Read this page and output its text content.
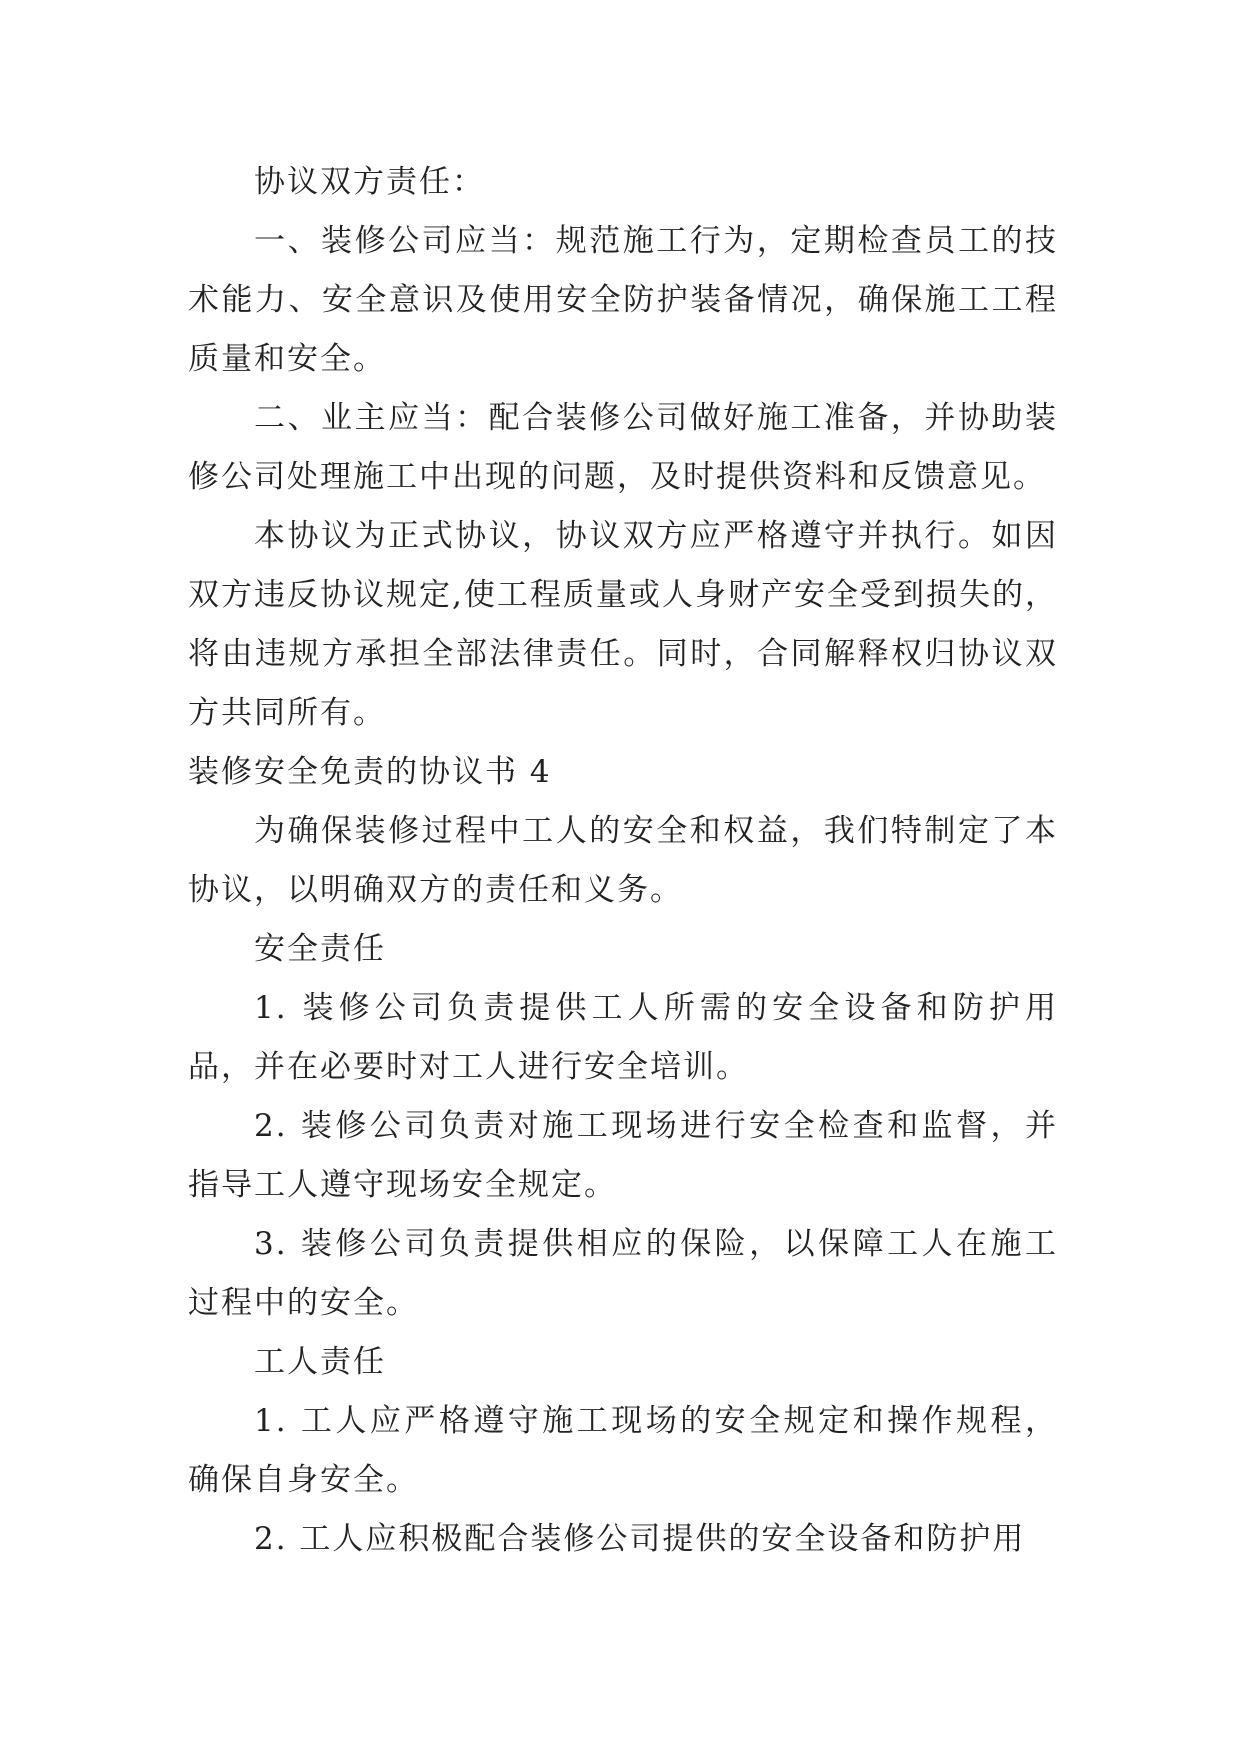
协议双方责任：

一、装修公司应当：规范施工行为，定期检查员工的技术能力、安全意识及使用安全防护装备情况，确保施工工程质量和安全。

二、业主应当：配合装修公司做好施工准备，并协助装修公司处理施工中出现的问题，及时提供资料和反馈意见。

本协议为正式协议，协议双方应严格遵守并执行。如因双方违反协议规定,使工程质量或人身财产安全受到损失的，将由违规方承担全部法律责任。同时，合同解释权归协议双方共同所有。

装修安全免责的协议书 4

为确保装修过程中工人的安全和权益，我们特制定了本协议，以明确双方的责任和义务。

安全责任

1. 装修公司负责提供工人所需的安全设备和防护用品，并在必要时对工人进行安全培训。

2. 装修公司负责对施工现场进行安全检查和监督，并指导工人遵守现场安全规定。

3. 装修公司负责提供相应的保险，以保障工人在施工过程中的安全。

工人责任

1. 工人应严格遵守施工现场的安全规定和操作规程，确保自身安全。

2. 工人应积极配合装修公司提供的安全设备和防护用
